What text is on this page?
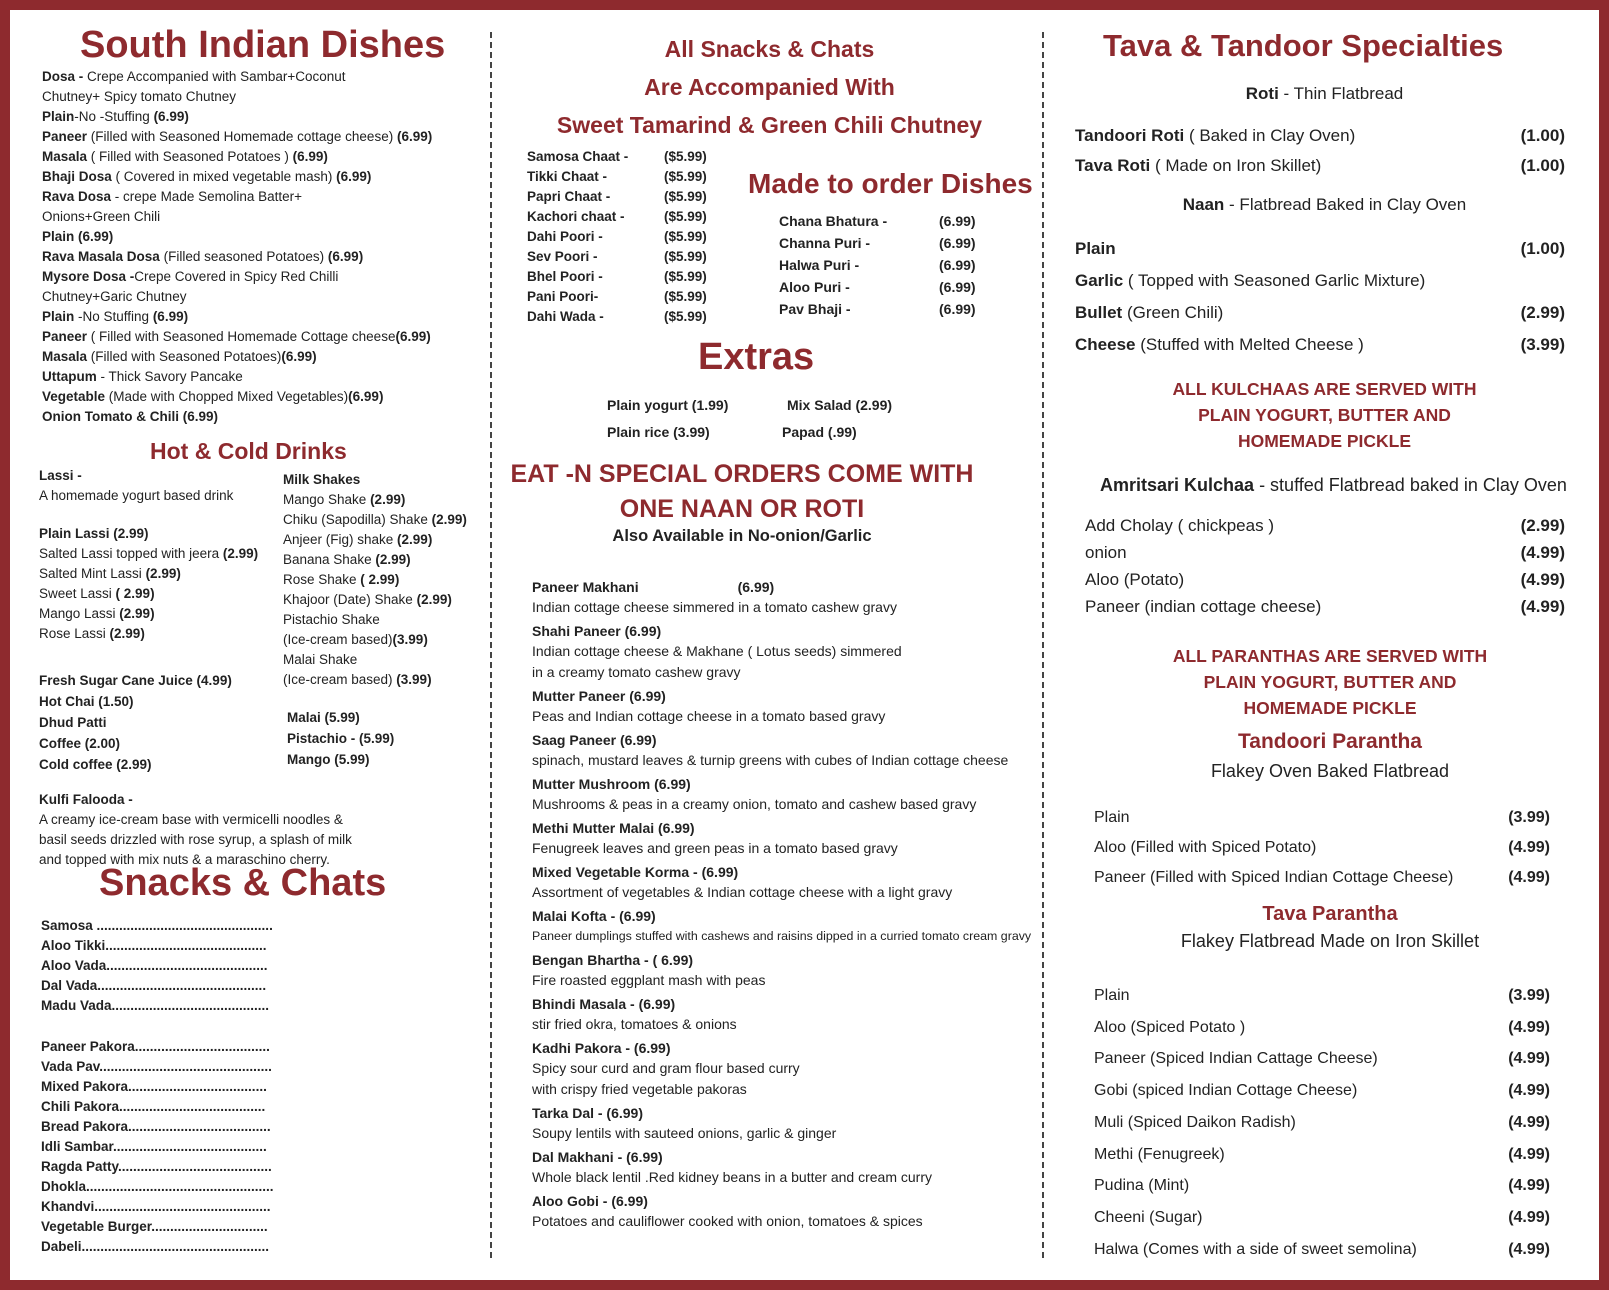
South Indian Dishes
Dosa - Crepe Accompanied with Sambar+Coconut
Chutney+ Spicy tomato Chutney
Plain-No -Stuffing (6.99)
Paneer (Filled with Seasoned Homemade cottage cheese) (6.99)
Masala ( Filled with Seasoned Potatoes ) (6.99)
Bhaji Dosa ( Covered in mixed vegetable mash) (6.99)
Rava Dosa - crepe Made Semolina Batter+
Onions+Green Chili
Plain (6.99)
Rava Masala Dosa (Filled seasoned Potatoes) (6.99)
Mysore Dosa -Crepe Covered in Spicy Red Chilli
Chutney+Garic Chutney
Plain -No Stuffing (6.99)
Paneer ( Filled with Seasoned Homemade Cottage cheese(6.99)
Masala (Filled with Seasoned Potatoes)(6.99)
Uttapum - Thick Savory Pancake
Vegetable (Made with Chopped Mixed Vegetables)(6.99)
Onion Tomato & Chili (6.99)
Hot & Cold Drinks
Lassi -
A homemade yogurt based drink
Plain Lassi (2.99)
Salted Lassi topped with jeera (2.99)
Salted Mint Lassi (2.99)
Sweet Lassi ( 2.99)
Mango Lassi (2.99)
Rose Lassi (2.99)
Fresh Sugar Cane Juice (4.99)
Hot Chai (1.50)
Dhud Patti
Coffee (2.00)
Cold coffee (2.99)
Milk Shakes
Mango Shake (2.99)
Chiku (Sapodilla) Shake (2.99)
Anjeer (Fig) shake (2.99)
Banana Shake (2.99)
Rose Shake ( 2.99)
Khajoor (Date) Shake (2.99)
Pistachio Shake
(Ice-cream based)(3.99)
Malai Shake
(Ice-cream based) (3.99)
Malai (5.99)
Pistachio - (5.99)
Mango (5.99)
Kulfi Falooda -
A creamy ice-cream base with vermicelli noodles &
basil seeds drizzled with rose syrup, a splash of milk
and topped with mix nuts & a maraschino cherry.
Snacks & Chats
Samosa ...............................................
Aloo Tikki...........................................
Aloo Vada...........................................
Dal Vada.............................................
Madu Vada..........................................
Paneer Pakora....................................
Vada Pav..............................................
Mixed Pakora.....................................
Chili Pakora.......................................
Bread Pakora......................................
Idli Sambar.........................................
Ragda Patty.........................................
Dhokla..................................................
Khandvi...............................................
Vegetable Burger...............................
Dabeli..................................................
All Snacks & Chats
Are Accompanied With
Sweet Tamarind & Green Chili Chutney
Samosa Chaat -	($5.99)
Tikki Chaat -	($5.99)
Papri Chaat -	($5.99)
Kachori chaat -	($5.99)
Dahi Poori -	($5.99)
Sev Poori -	($5.99)
Bhel Poori -	($5.99)
Pani Poori-	($5.99)
Dahi Wada -	($5.99)
Made to order Dishes
Chana Bhatura -	(6.99)
Channa Puri -	(6.99)
Halwa Puri -	(6.99)
Aloo Puri -	(6.99)
Pav Bhaji -	(6.99)
Extras
Plain yogurt (1.99)	Mix Salad (2.99)
Plain rice (3.99)	Papad (.99)
EAT -N SPECIAL ORDERS COME WITH
ONE NAAN OR ROTI
Also Available in No-onion/Garlic
Paneer Makhani	(6.99)
Indian cottage cheese simmered in a tomato cashew gravy
Shahi Paneer (6.99)
Indian cottage cheese & Makhane ( Lotus seeds) simmered
in a creamy tomato cashew gravy
Mutter Paneer (6.99)
Peas and Indian cottage cheese in a tomato based gravy
Saag Paneer (6.99)
spinach, mustard leaves & turnip greens with cubes of Indian cottage cheese
Mutter Mushroom (6.99)
Mushrooms & peas in a creamy onion, tomato and cashew based gravy
Methi Mutter Malai (6.99)
Fenugreek leaves and green peas in a tomato based gravy
Mixed Vegetable Korma - (6.99)
Assortment of vegetables & Indian cottage cheese with a light gravy
Malai Kofta - (6.99)
Paneer dumplings stuffed with cashews and raisins dipped in a curried tomato cream gravy
Bengan Bhartha - ( 6.99)
Fire roasted eggplant mash with peas
Bhindi Masala - (6.99)
stir fried okra, tomatoes & onions
Kadhi Pakora - (6.99)
Spicy sour curd and gram flour based curry
with crispy fried vegetable pakoras
Tarka Dal - (6.99)
Soupy lentils with sauteed onions, garlic & ginger
Dal Makhani - (6.99)
Whole black lentil .Red kidney beans in a butter and cream curry
Aloo Gobi - (6.99)
Potatoes and cauliflower cooked with onion, tomatoes & spices
Tava & Tandoor Specialties
Roti - Thin Flatbread
Tandoori Roti ( Baked in Clay Oven)	(1.00)
Tava Roti ( Made on Iron Skillet)	(1.00)
Naan - Flatbread Baked in Clay Oven
Plain	(1.00)
Garlic ( Topped with Seasoned Garlic Mixture)
Bullet (Green Chili)	(2.99)
Cheese (Stuffed with Melted Cheese )	(3.99)
ALL KULCHAAS ARE SERVED WITH
PLAIN YOGURT, BUTTER AND
HOMEMADE PICKLE
Amritsari Kulchaa - stuffed Flatbread baked in Clay Oven
Add Cholay ( chickpeas )	(2.99)
onion	(4.99)
Aloo (Potato)	(4.99)
Paneer (indian cottage cheese)	(4.99)
ALL PARANTHAS ARE SERVED WITH
PLAIN YOGURT, BUTTER AND
HOMEMADE PICKLE
Tandoori Parantha
Flakey Oven Baked Flatbread
Plain	(3.99)
Aloo (Filled with Spiced Potato)	(4.99)
Paneer (Filled with Spiced Indian Cottage Cheese)	(4.99)
Tava Parantha
Flakey Flatbread Made on Iron Skillet
Plain	(3.99)
Aloo (Spiced Potato )	(4.99)
Paneer (Spiced Indian Cattage Cheese)	(4.99)
Gobi (spiced Indian Cottage Cheese)	(4.99)
Muli (Spiced Daikon Radish)	(4.99)
Methi (Fenugreek)	(4.99)
Pudina (Mint)	(4.99)
Cheeni (Sugar)	(4.99)
Halwa (Comes with a side of sweet semolina)	(4.99)
